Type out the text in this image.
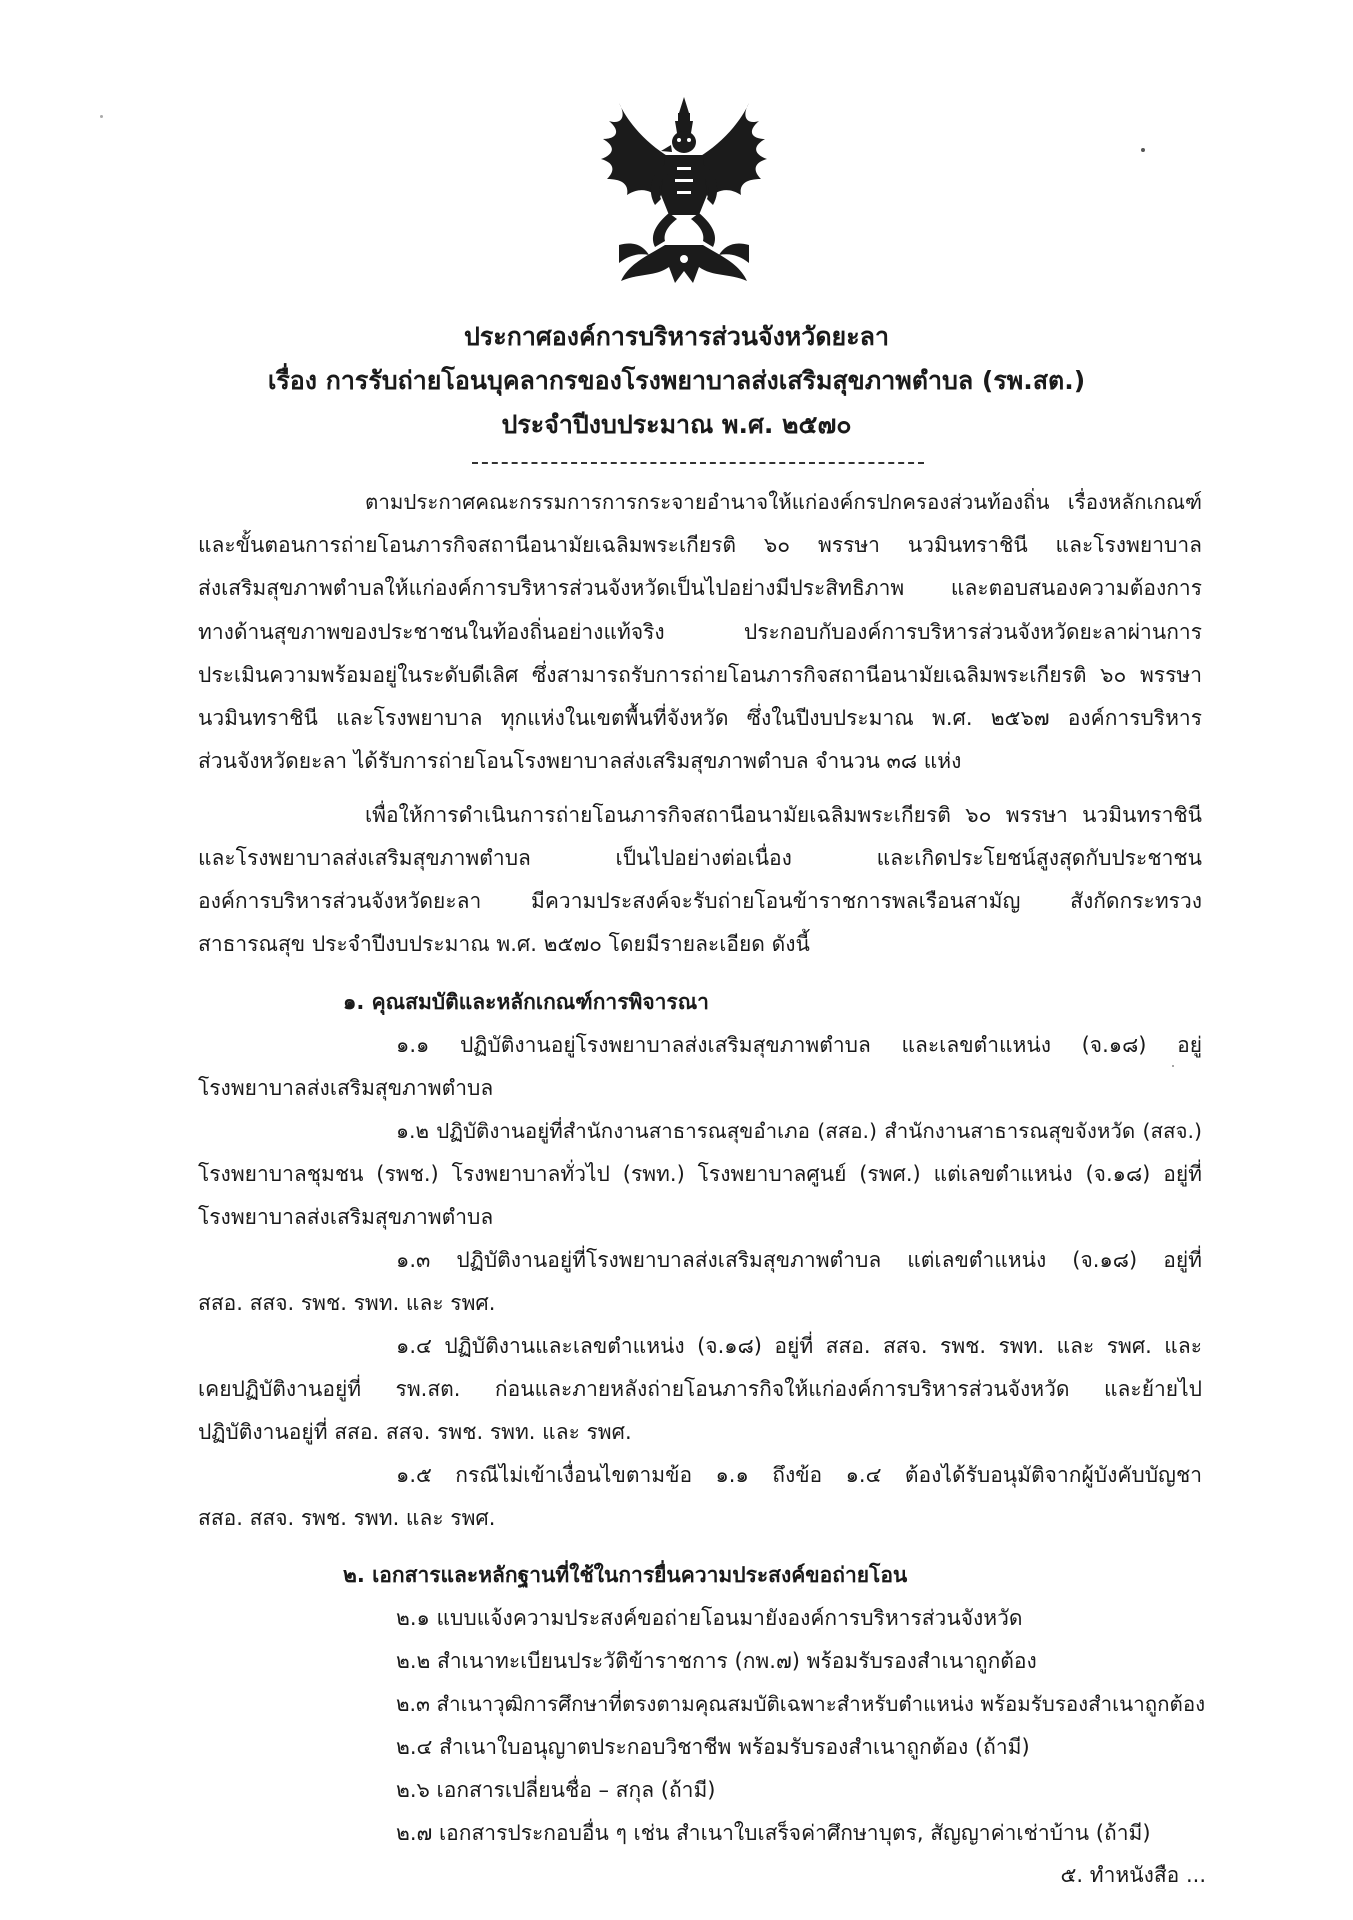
ประกาศองค์การบริหารส่วนจังหวัดยะลา
เรื่อง การรับถ่ายโอนบุคลากรของโรงพยาบาลส่งเสริมสุขภาพตำบล (รพ.สต.)
ประจำปีงบประมาณ พ.ศ. ๒๕๗๐
ตามประกาศคณะกรรมการการกระจายอำนาจให้แก่องค์กรปกครองส่วนท้องถิ่น เรื่องหลักเกณฑ์
และขั้นตอนการถ่ายโอนภารกิจสถานีอนามัยเฉลิมพระเกียรติ ๖๐ พรรษา นวมินทราชินี และโรงพยาบาล
ส่งเสริมสุขภาพตำบลให้แก่องค์การบริหารส่วนจังหวัดเป็นไปอย่างมีประสิทธิภาพ และตอบสนองความต้องการ
ทางด้านสุขภาพของประชาชนในท้องถิ่นอย่างแท้จริง ประกอบกับองค์การบริหารส่วนจังหวัดยะลาผ่านการ
ประเมินความพร้อมอยู่ในระดับดีเลิศ ซึ่งสามารถรับการถ่ายโอนภารกิจสถานีอนามัยเฉลิมพระเกียรติ ๖๐ พรรษา
นวมินทราชินี และโรงพยาบาล ทุกแห่งในเขตพื้นที่จังหวัด ซึ่งในปีงบประมาณ พ.ศ. ๒๕๖๗ องค์การบริหาร
ส่วนจังหวัดยะลา ได้รับการถ่ายโอนโรงพยาบาลส่งเสริมสุขภาพตำบล จำนวน ๓๘ แห่ง
เพื่อให้การดำเนินการถ่ายโอนภารกิจสถานีอนามัยเฉลิมพระเกียรติ ๖๐ พรรษา นวมินทราชินี
และโรงพยาบาลส่งเสริมสุขภาพตำบล เป็นไปอย่างต่อเนื่อง และเกิดประโยชน์สูงสุดกับประชาชน
องค์การบริหารส่วนจังหวัดยะลา มีความประสงค์จะรับถ่ายโอนข้าราชการพลเรือนสามัญ สังกัดกระทรวง
สาธารณสุข ประจำปีงบประมาณ พ.ศ. ๒๕๗๐ โดยมีรายละเอียด ดังนี้
๑. คุณสมบัติและหลักเกณฑ์การพิจารณา
๑.๑ ปฏิบัติงานอยู่โรงพยาบาลส่งเสริมสุขภาพตำบล และเลขตำแหน่ง (จ.๑๘) อยู่
โรงพยาบาลส่งเสริมสุขภาพตำบล
๑.๒ ปฏิบัติงานอยู่ที่สำนักงานสาธารณสุขอำเภอ (สสอ.) สำนักงานสาธารณสุขจังหวัด (สสจ.)
โรงพยาบาลชุมชน (รพช.) โรงพยาบาลทั่วไป (รพท.) โรงพยาบาลศูนย์ (รพศ.) แต่เลขตำแหน่ง (จ.๑๘) อยู่ที่
โรงพยาบาลส่งเสริมสุขภาพตำบล
๑.๓ ปฏิบัติงานอยู่ที่โรงพยาบาลส่งเสริมสุขภาพตำบล แต่เลขตำแหน่ง (จ.๑๘) อยู่ที่
สสอ. สสจ. รพช. รพท. และ รพศ.
๑.๔ ปฏิบัติงานและเลขตำแหน่ง (จ.๑๘) อยู่ที่ สสอ. สสจ. รพช. รพท. และ รพศ. และ
เคยปฏิบัติงานอยู่ที่ รพ.สต. ก่อนและภายหลังถ่ายโอนภารกิจให้แก่องค์การบริหารส่วนจังหวัด และย้ายไป
ปฏิบัติงานอยู่ที่ สสอ. สสจ. รพช. รพท. และ รพศ.
๑.๕ กรณีไม่เข้าเงื่อนไขตามข้อ ๑.๑ ถึงข้อ ๑.๔ ต้องได้รับอนุมัติจากผู้บังคับบัญชา
สสอ. สสจ. รพช. รพท. และ รพศ.
๒. เอกสารและหลักฐานที่ใช้ในการยื่นความประสงค์ขอถ่ายโอน
๒.๑ แบบแจ้งความประสงค์ขอถ่ายโอนมายังองค์การบริหารส่วนจังหวัด
๒.๒ สำเนาทะเบียนประวัติข้าราชการ (กพ.๗) พร้อมรับรองสำเนาถูกต้อง
๒.๓ สำเนาวุฒิการศึกษาที่ตรงตามคุณสมบัติเฉพาะสำหรับตำแหน่ง พร้อมรับรองสำเนาถูกต้อง
๒.๔ สำเนาใบอนุญาตประกอบวิชาชีพ พร้อมรับรองสำเนาถูกต้อง (ถ้ามี)
๒.๖ เอกสารเปลี่ยนชื่อ – สกุล (ถ้ามี)
๒.๗ เอกสารประกอบอื่น ๆ เช่น สำเนาใบเสร็จค่าศึกษาบุตร, สัญญาค่าเช่าบ้าน (ถ้ามี)
๕. ทำหนังสือ ...
